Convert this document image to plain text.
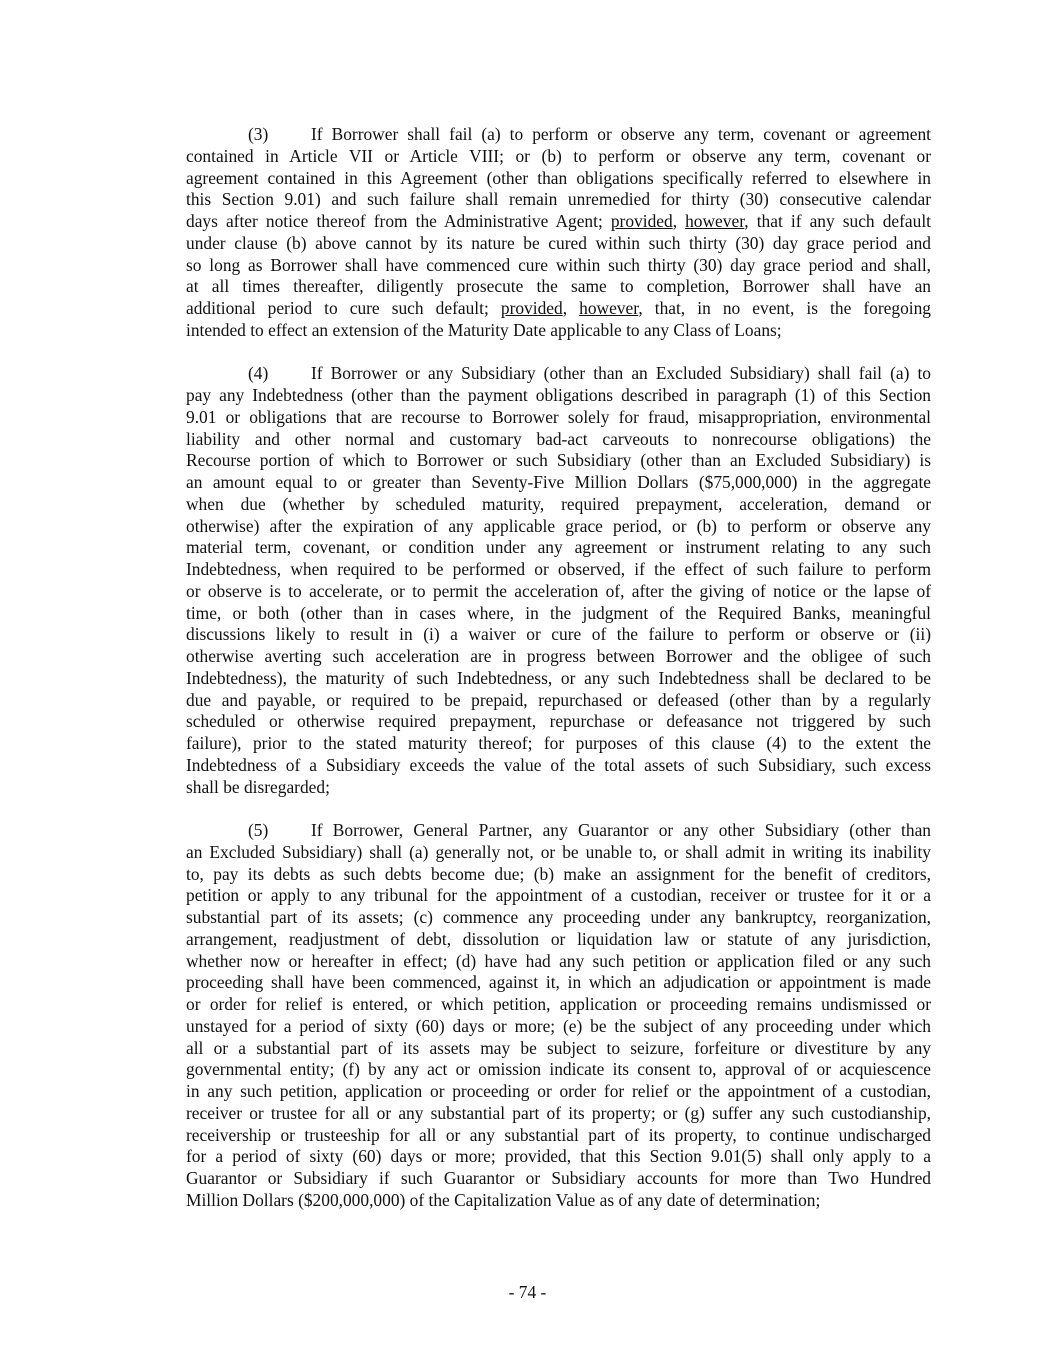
(3) If Borrower shall fail (a) to perform or observe any term, covenant or agreement
contained in Article VII or Article VIII; or (b) to perform or observe any term, covenant or
agreement contained in this Agreement (other than obligations specifically referred to elsewhere in
this Section 9.01) and such failure shall remain unremedied for thirty (30) consecutive calendar
days after notice thereof from the Administrative Agent; provided, however, that if any such default
under clause (b) above cannot by its nature be cured within such thirty (30) day grace period and
so long as Borrower shall have commenced cure within such thirty (30) day grace period and shall,
at all times thereafter, diligently prosecute the same to completion, Borrower shall have an
additional period to cure such default; provided, however, that, in no event, is the foregoing
intended to effect an extension of the Maturity Date applicable to any Class of Loans;
(4) If Borrower or any Subsidiary (other than an Excluded Subsidiary) shall fail (a) to
pay any Indebtedness (other than the payment obligations described in paragraph (1) of this Section
9.01 or obligations that are recourse to Borrower solely for fraud, misappropriation, environmental
liability and other normal and customary bad-act carveouts to nonrecourse obligations) the
Recourse portion of which to Borrower or such Subsidiary (other than an Excluded Subsidiary) is
an amount equal to or greater than Seventy-Five Million Dollars ($75,000,000) in the aggregate
when due (whether by scheduled maturity, required prepayment, acceleration, demand or
otherwise) after the expiration of any applicable grace period, or (b) to perform or observe any
material term, covenant, or condition under any agreement or instrument relating to any such
Indebtedness, when required to be performed or observed, if the effect of such failure to perform
or observe is to accelerate, or to permit the acceleration of, after the giving of notice or the lapse of
time, or both (other than in cases where, in the judgment of the Required Banks, meaningful
discussions likely to result in (i) a waiver or cure of the failure to perform or observe or (ii)
otherwise averting such acceleration are in progress between Borrower and the obligee of such
Indebtedness), the maturity of such Indebtedness, or any such Indebtedness shall be declared to be
due and payable, or required to be prepaid, repurchased or defeased (other than by a regularly
scheduled or otherwise required prepayment, repurchase or defeasance not triggered by such
failure), prior to the stated maturity thereof; for purposes of this clause (4) to the extent the
Indebtedness of a Subsidiary exceeds the value of the total assets of such Subsidiary, such excess
shall be disregarded;
(5) If Borrower, General Partner, any Guarantor or any other Subsidiary (other than
an Excluded Subsidiary) shall (a) generally not, or be unable to, or shall admit in writing its inability
to, pay its debts as such debts become due; (b) make an assignment for the benefit of creditors,
petition or apply to any tribunal for the appointment of a custodian, receiver or trustee for it or a
substantial part of its assets; (c) commence any proceeding under any bankruptcy, reorganization,
arrangement, readjustment of debt, dissolution or liquidation law or statute of any jurisdiction,
whether now or hereafter in effect; (d) have had any such petition or application filed or any such
proceeding shall have been commenced, against it, in which an adjudication or appointment is made
or order for relief is entered, or which petition, application or proceeding remains undismissed or
unstayed for a period of sixty (60) days or more; (e) be the subject of any proceeding under which
all or a substantial part of its assets may be subject to seizure, forfeiture or divestiture by any
governmental entity; (f) by any act or omission indicate its consent to, approval of or acquiescence
in any such petition, application or proceeding or order for relief or the appointment of a custodian,
receiver or trustee for all or any substantial part of its property; or (g) suffer any such custodianship,
receivership or trusteeship for all or any substantial part of its property, to continue undischarged
for a period of sixty (60) days or more; provided, that this Section 9.01(5) shall only apply to a
Guarantor or Subsidiary if such Guarantor or Subsidiary accounts for more than Two Hundred
Million Dollars ($200,000,000) of the Capitalization Value as of any date of determination;
- 74 -
